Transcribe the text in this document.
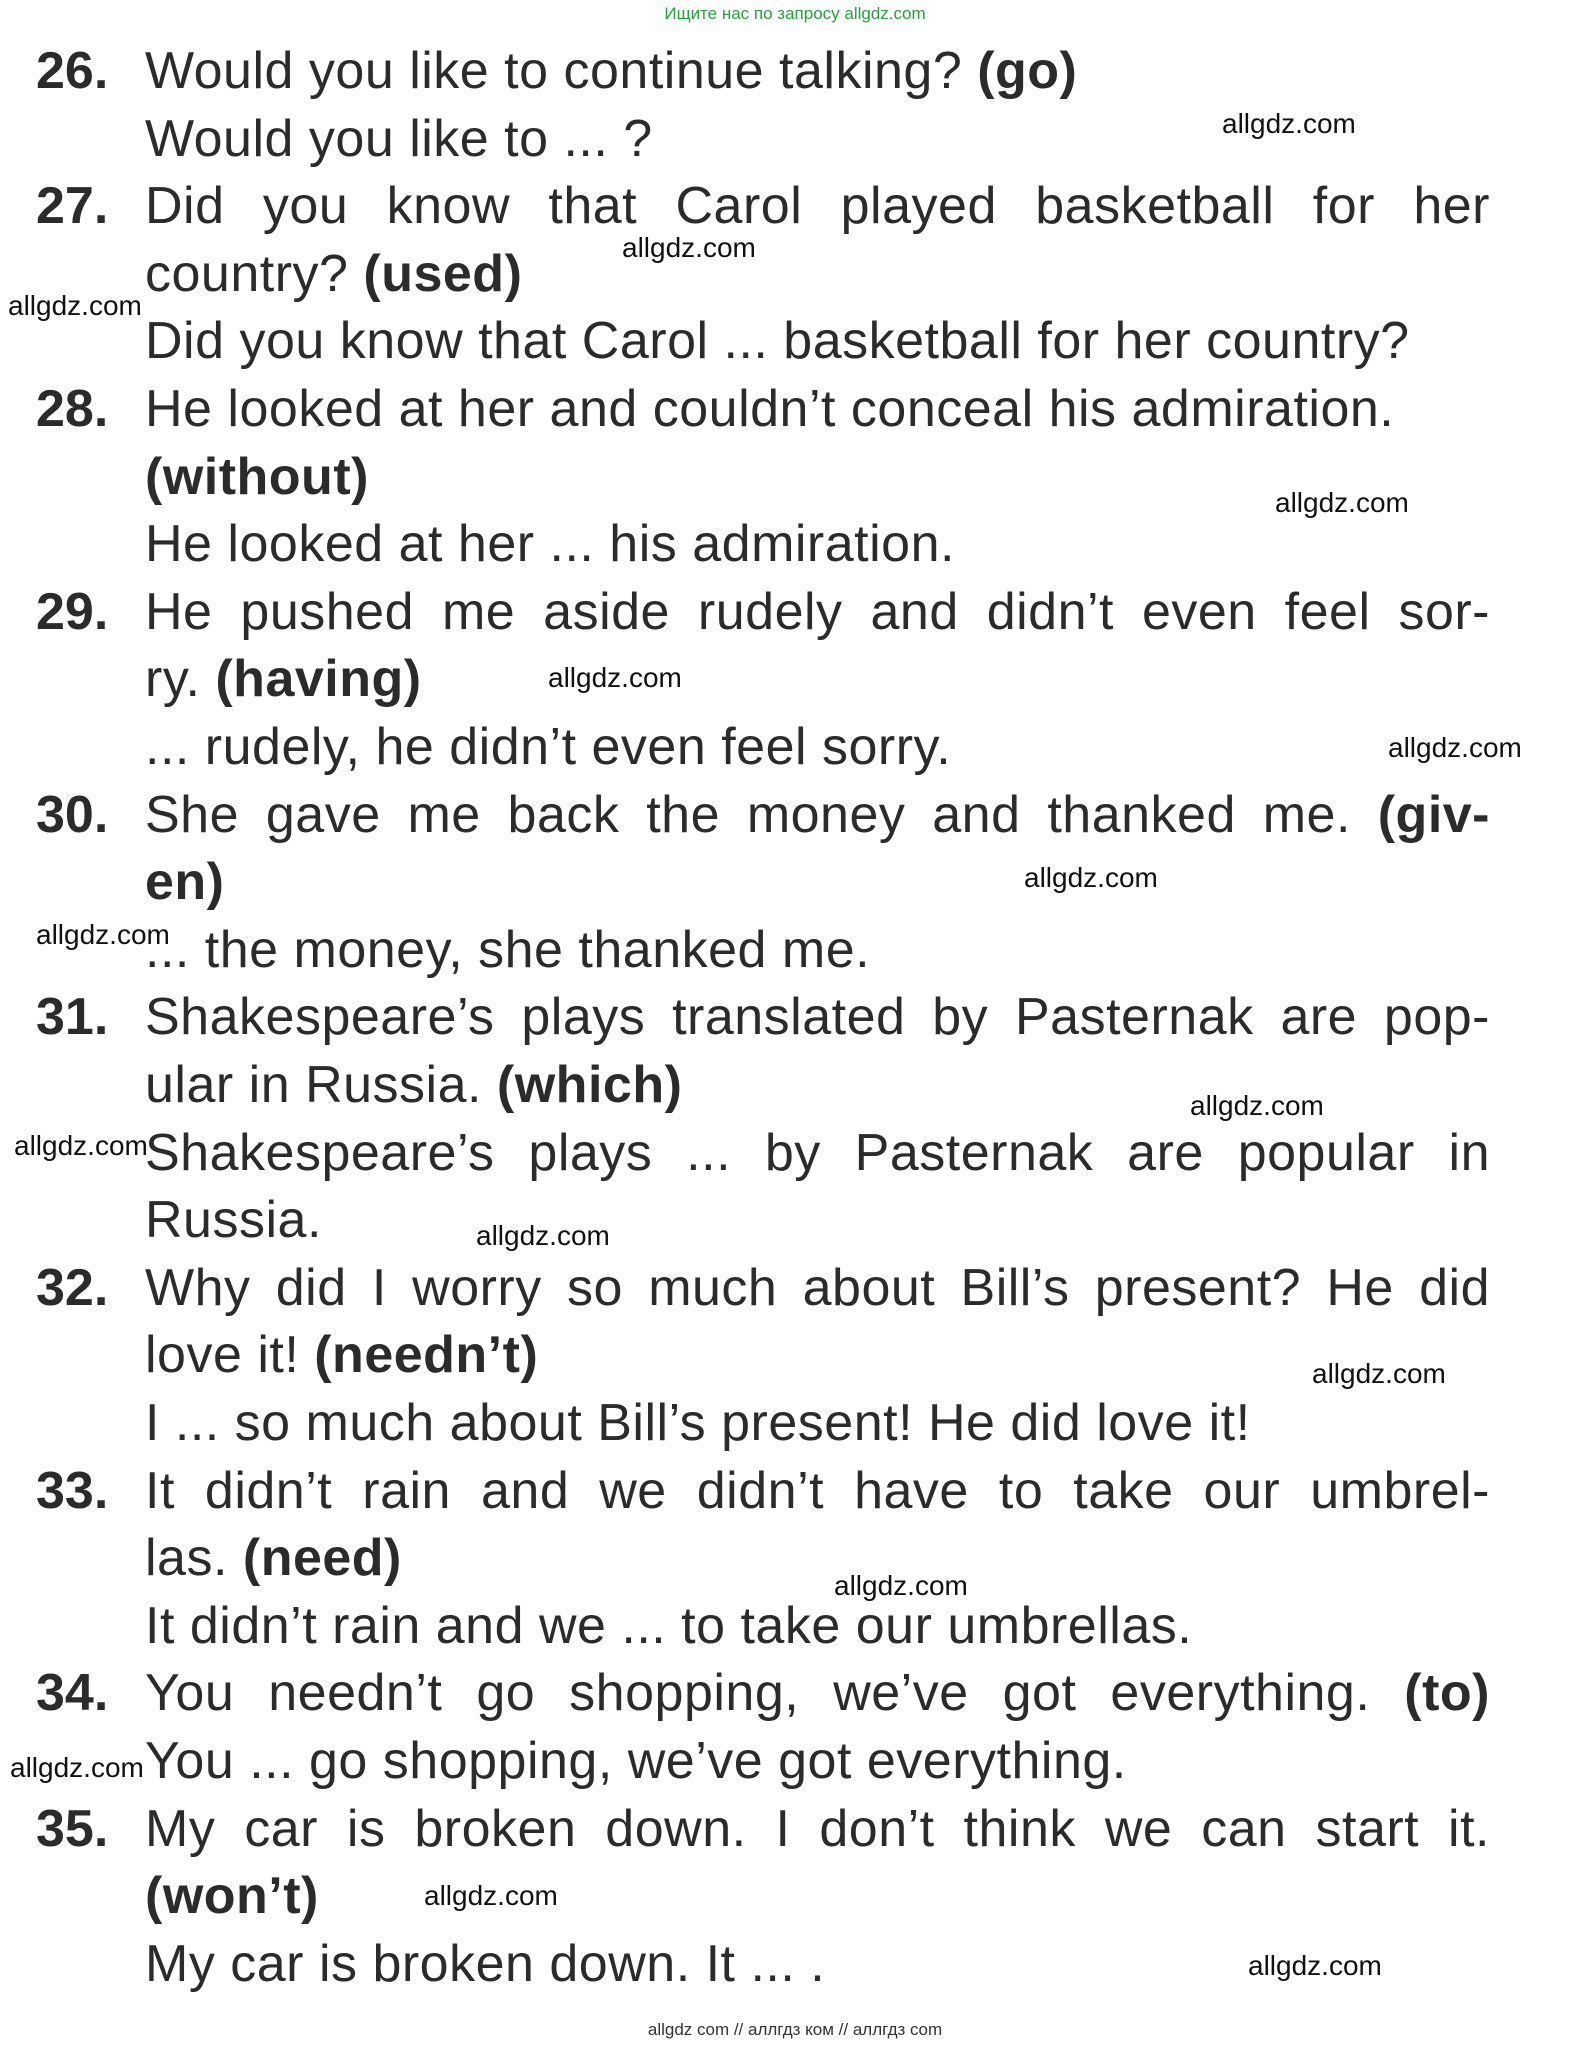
Ищите нас по запросу allgdz.com
26. Would you like to continue talking? (go)
Would you like to ... ?
27. Did you know that Carol played basketball for her
country? (used)
Did you know that Carol ... basketball for her country?
28. He looked at her and couldn’t conceal his admiration.
(without)
He looked at her ... his admiration.
29. He pushed me aside rudely and didn’t even feel sor-
ry. (having)
... rudely, he didn’t even feel sorry.
30. She gave me back the money and thanked me. (giv-
en)
... the money, she thanked me.
31. Shakespeare’s plays translated by Pasternak are pop-
ular in Russia. (which)
Shakespeare’s plays ... by Pasternak are popular in
Russia.
32. Why did I worry so much about Bill’s present? He did
love it! (needn’t)
I ... so much about Bill’s present! He did love it!
33. It didn’t rain and we didn’t have to take our umbrel-
las. (need)
It didn’t rain and we ... to take our umbrellas.
34. You needn’t go shopping, we’ve got everything. (to)
You ... go shopping, we’ve got everything.
35. My car is broken down. I don’t think we can start it.
(won’t)
My car is broken down. It ... .
allgdz.com
allgdz.com
allgdz.com
allgdz.com
allgdz.com
allgdz.com
allgdz.com
allgdz.com
allgdz.com
allgdz.com
allgdz.com
allgdz.com
allgdz.com
allgdz.com
allgdz.com
allgdz.com
allgdz com // аллгдз ком // аллгдз com
